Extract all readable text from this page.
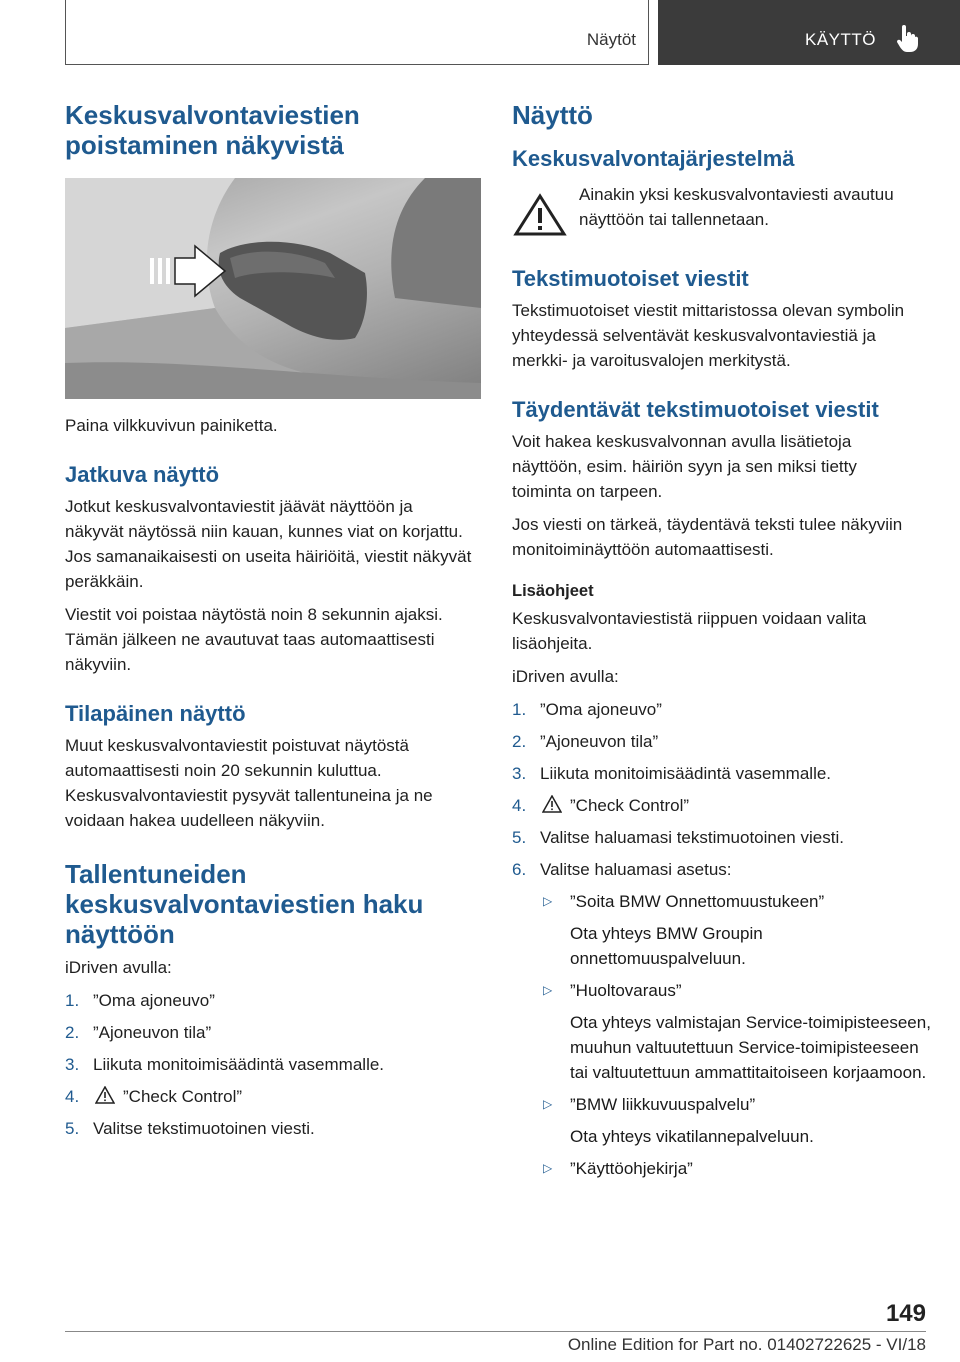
Näytöt	KÄYTTÖ
Keskusvalvontaviestien poistaminen näkyvistä

Paina vilkkuvivun painiketta.

Jatkuva näyttö

Jotkut keskusvalvontaviestit jäävät näyttöön ja näkyvät näytössä niin kauan, kunnes viat on korjattu. Jos samanaikaisesti on useita häiriöitä, viestit näkyvät peräkkäin.

Viestit voi poistaa näytöstä noin 8 sekunnin ajaksi. Tämän jälkeen ne avautuvat taas automaattisesti näkyviin.

Tilapäinen näyttö

Muut keskusvalvontaviestit poistuvat näytöstä automaattisesti noin 20 sekunnin kuluttua. Keskusvalvontaviestit pysyvät tallentuneina ja ne voidaan hakea uudelleen näkyviin.

Tallentuneiden keskusvalvontaviestien haku näyttöön

iDriven avulla:

1. ”Oma ajoneuvo”
2. ”Ajoneuvon tila”
3. Liikuta monitoimisäädintä vasemmalle.
4.	”Check Control”
5. Valitse tekstimuotoinen viesti.
Näyttö
Keskusvalvontajärjestelmä

Ainakin yksi keskusvalvontaviesti avautuu näyttöön tai tallennetaan.

Tekstimuotoiset viestit

Tekstimuotoiset viestit mittaristossa olevan symbolin yhteydessä selventävät keskusvalvontaviestiä ja merkki- ja varoitusvalojen merkitystä.

Täydentävät tekstimuotoiset viestit

Voit hakea keskusvalvonnan avulla lisätietoja näyttöön, esim. häiriön syyn ja sen miksi tietty toiminta on tarpeen.

Jos viesti on tärkeä, täydentävä teksti tulee näkyviin monitoiminäyttöön automaattisesti.

Lisäohjeet

Keskusvalvontaviestistä riippuen voidaan valita lisäohjeita.

iDriven avulla:

1. ”Oma ajoneuvo”
2. ”Ajoneuvon tila”
3. Liikuta monitoimisäädintä vasemmalle.
4.	”Check Control”
5. Valitse haluamasi tekstimuotoinen viesti.
6. Valitse haluamasi asetus:
▷ ”Soita BMW Onnettomuustukeen”
Ota yhteys BMW Groupin onnettomuuspalveluun.
▷ ”Huoltovaraus”
Ota yhteys valmistajan Service-toimipisteeseen, muuhun valtuutettuun Service-toimipisteeseen tai valtuutettuun ammattitaitoiseen korjaamoon.
▷ ”BMW liikkuvuuspalvelu”
Ota yhteys vikatilannepalveluun.
▷ ”Käyttöohjekirja”
149
Online Edition for Part no. 01402722625 - VI/18
